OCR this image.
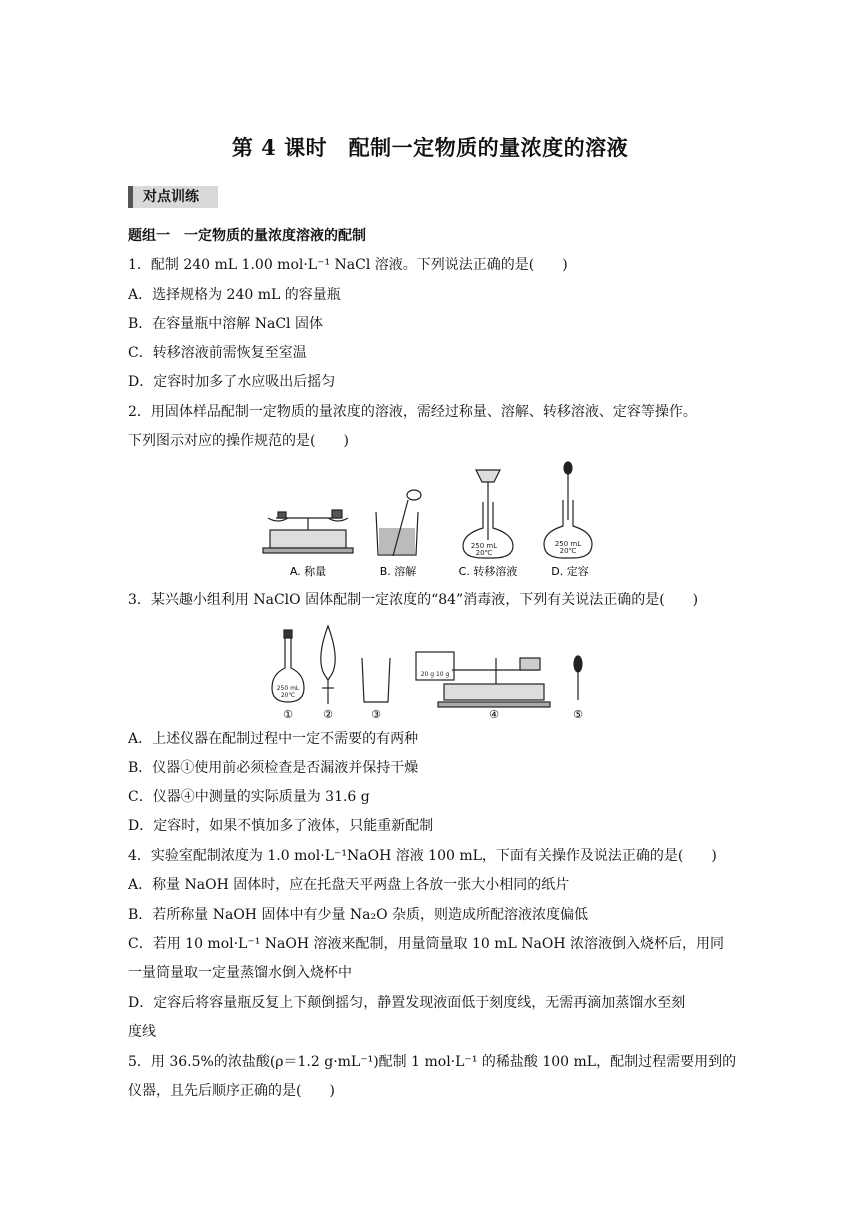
第 4 课时　配制一定物质的量浓度的溶液
对点训练
题组一　一定物质的量浓度溶液的配制
1．配制 240 mL 1.00 mol·L⁻¹ NaCl 溶液。下列说法正确的是(　　)
A．选择规格为 240 mL 的容量瓶
B．在容量瓶中溶解 NaCl 固体
C．转移溶液前需恢复至室温
D．定容时加多了水应吸出后摇匀
2．用固体样品配制一定物质的量浓度的溶液，需经过称量、溶解、转移溶液、定容等操作。
下列图示对应的操作规范的是(　　)
250 mL
20℃
250 mL
20℃
A. 称量	B. 溶解	C. 转移溶液	D. 定容
3．某兴趣小组利用 NaClO 固体配制一定浓度的“84”消毒液，下列有关说法正确的是(　　)
20 g 10 g
250 mL
20℃
①	②	③	④	⑤
A．上述仪器在配制过程中一定不需要的有两种
B．仪器①使用前必须检查是否漏液并保持干燥
C．仪器④中测量的实际质量为 31.6 g
D．定容时，如果不慎加多了液体，只能重新配制
4．实验室配制浓度为 1.0 mol·L⁻¹NaOH 溶液 100 mL，下面有关操作及说法正确的是(　　)
A．称量 NaOH 固体时，应在托盘天平两盘上各放一张大小相同的纸片
B．若所称量 NaOH 固体中有少量 Na₂O 杂质，则造成所配溶液浓度偏低
C．若用 10 mol·L⁻¹ NaOH 溶液来配制，用量筒量取 10 mL NaOH 浓溶液倒入烧杯后，用同
一量筒量取一定量蒸馏水倒入烧杯中
D．定容后将容量瓶反复上下颠倒摇匀，静置发现液面低于刻度线，无需再滴加蒸馏水至刻
度线
5．用 36.5%的浓盐酸(ρ＝1.2 g·mL⁻¹)配制 1 mol·L⁻¹ 的稀盐酸 100 mL，配制过程需要用到的
仪器，且先后顺序正确的是(　　)
